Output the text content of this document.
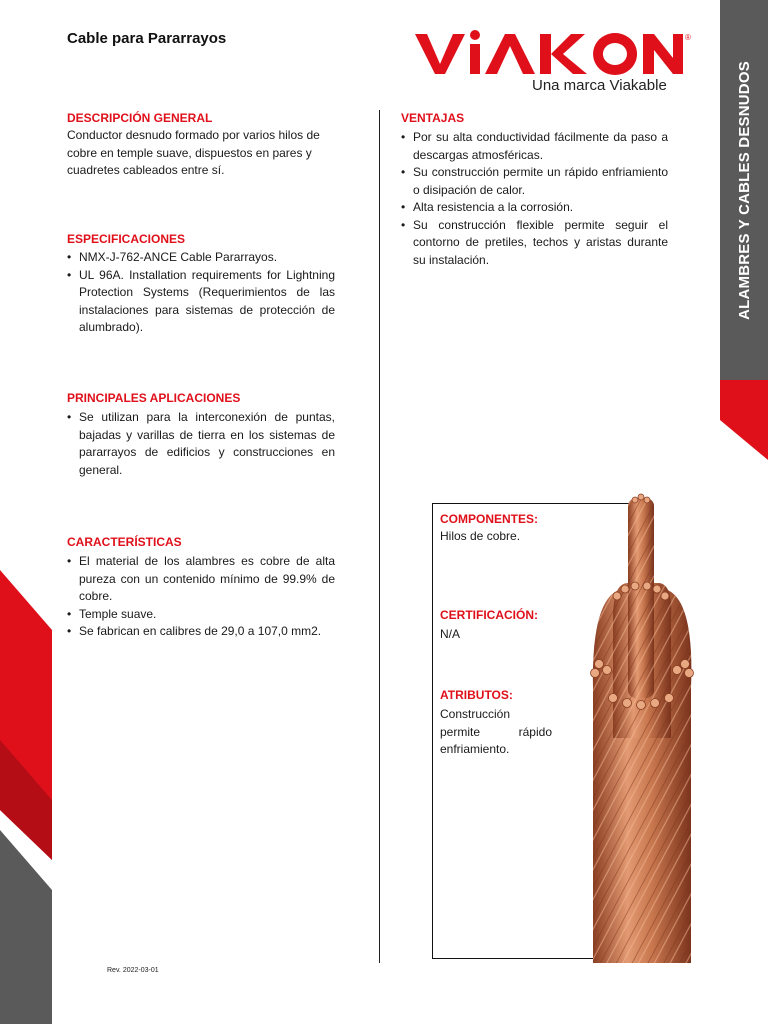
Cable para Pararrayos	®
Una marca Viakable	ALAMBRES Y CABLES DESNUDOS
DESCRIPCIÓN GENERAL
Conductor desnudo formado por varios hilos de
cobre en temple suave, dispuestos en pares y
cuadretes cableados entre sí.
ESPECIFICACIONES
• NMX-J-762-ANCE Cable Pararrayos.
• UL 96A. Installation requirements for Lightning Protection Systems (Requerimientos de las instalaciones para sistemas de protección de alumbrado).
PRINCIPALES APLICACIONES
• Se utilizan para la interconexión de puntas, bajadas y varillas de tierra en los sistemas de pararrayos de edificios y construcciones en general.
CARACTERÍSTICAS
• El material de los alambres es cobre de alta pureza con un contenido mínimo de 99.9% de cobre.
• Temple suave.
• Se fabrican en calibres de 29,0 a 107,0 mm2.
VENTAJAS
• Por su alta conductividad fácilmente da paso a descargas atmosféricas.
• Su construcción permite un rápido enfriamiento o disipación de calor.
• Alta resistencia a la corrosión.
• Su construcción flexible permite seguir el contorno de pretiles, techos y aristas durante su instalación.
COMPONENTES:
Hilos de cobre.
CERTIFICACIÓN:
N/A
ATRIBUTOS:
Construcción
permite	rápido
enfriamiento.
Rev. 2022-03-01
